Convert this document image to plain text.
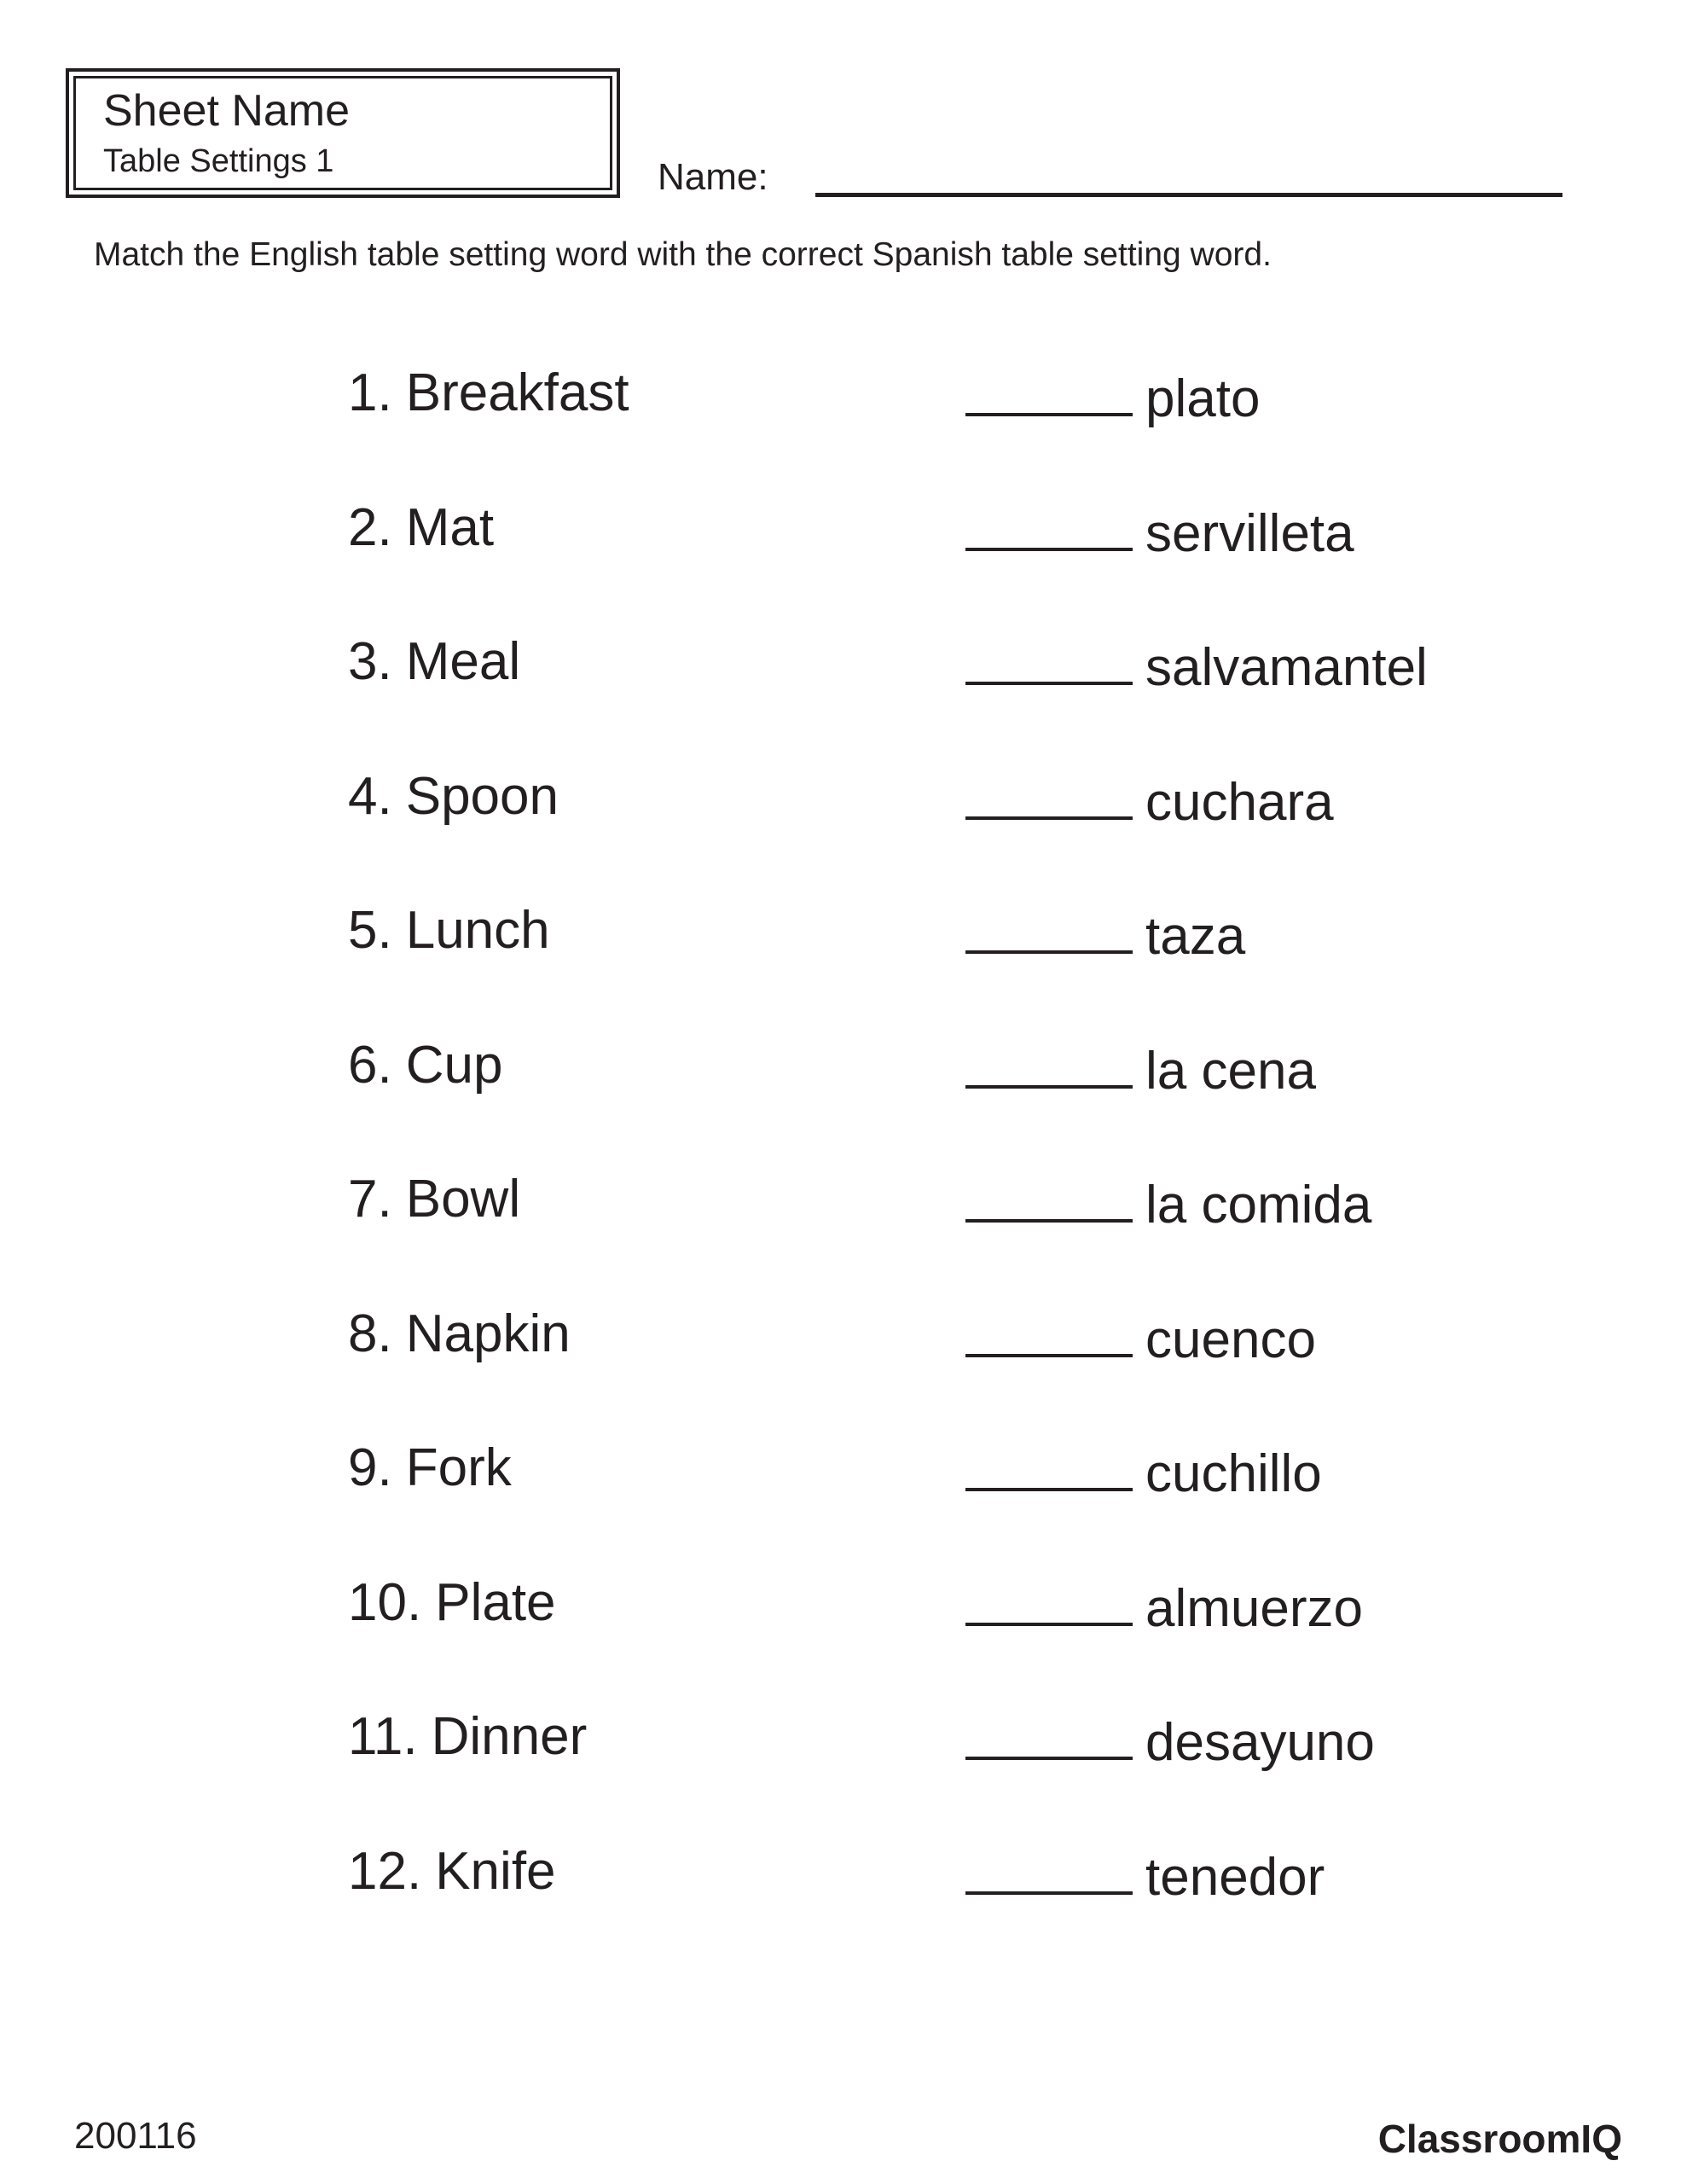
Sheet Name
Table Settings 1	Name:
Match the English table setting word with the correct Spanish table setting word.
1. Breakfast	plato
2. Mat	servilleta
3. Meal	salvamantel
4. Spoon	cuchara
5. Lunch	taza
6. Cup	la cena
7. Bowl	la comida
8. Napkin	cuenco
9. Fork	cuchillo
10. Plate	almuerzo
11. Dinner	desayuno
12. Knife	tenedor
200116	ClassroomIQ
